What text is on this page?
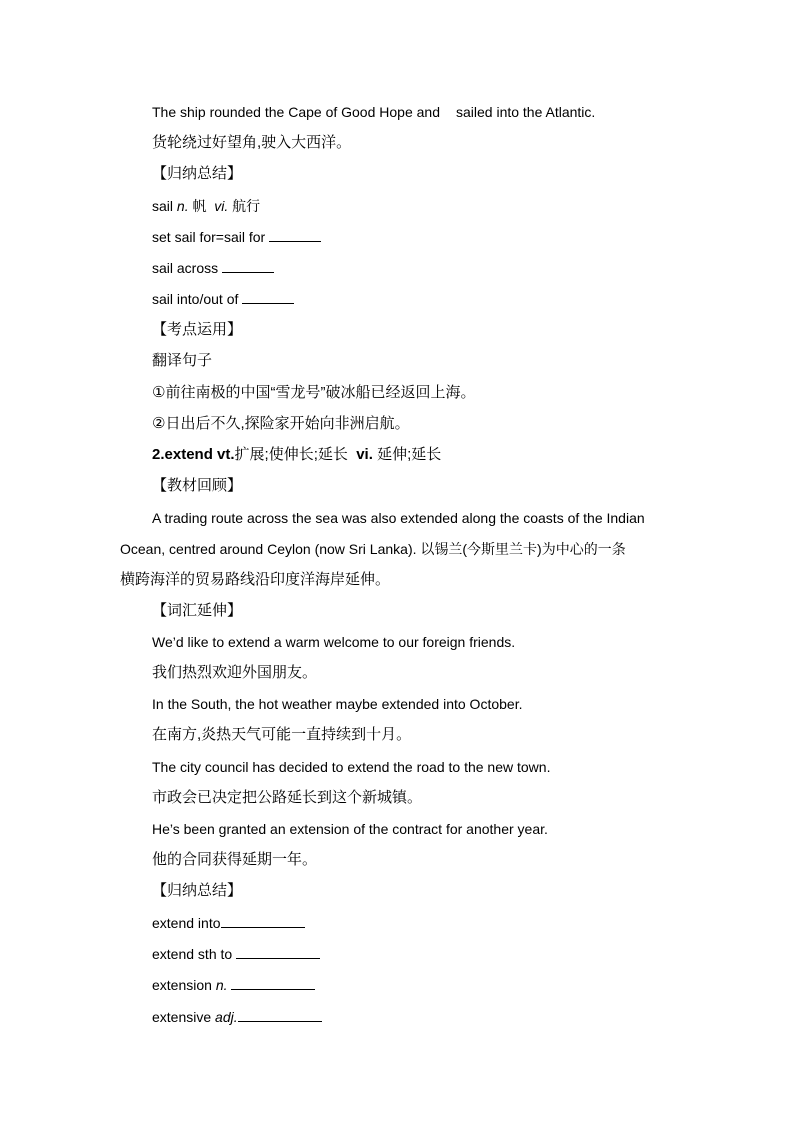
The ship rounded the Cape of Good Hope and sailed into the Atlantic.
货轮绕过好望角,驶入大西洋。
【归纳总结】
sail n. 帆 vi. 航行
set sail for=sail for
sail across
sail into/out of
【考点运用】
翻译句子
①前往南极的中国“雪龙号”破冰船已经返回上海。
②日出后不久,探险家开始向非洲启航。
2.extend vt.扩展;使伸长;延长 vi. 延伸;延长
【教材回顾】
A trading route across the sea was also extended along the coasts of the Indian
Ocean, centred around Ceylon (now Sri Lanka). 以锡兰(今斯里兰卡)为中心的一条
横跨海洋的贸易路线沿印度洋海岸延伸。
【词汇延伸】
We’d like to extend a warm welcome to our foreign friends.
我们热烈欢迎外国朋友。
In the South, the hot weather maybe extended into October.
在南方,炎热天气可能一直持续到十月。
The city council has decided to extend the road to the new town.
市政会已决定把公路延长到这个新城镇。
He’s been granted an extension of the contract for another year.
他的合同获得延期一年。
【归纳总结】
extend into
extend sth to
extension n.
extensive adj.
